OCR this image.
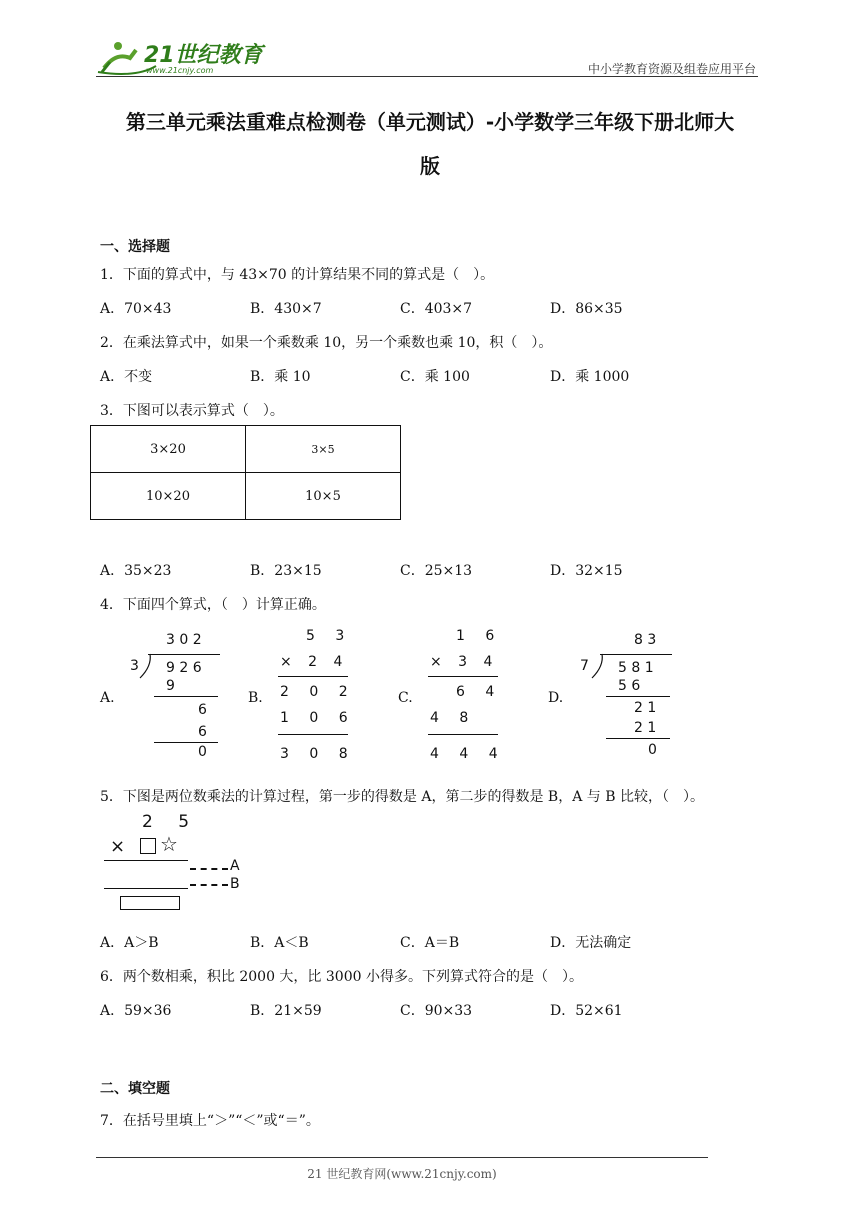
21世纪教育
www.21cnjy.com	中小学教育资源及组卷应用平台
第三单元乘法重难点检测卷（单元测试）-小学数学三年级下册北师大
版
一、选择题
1．下面的算式中，与 43×70 的计算结果不同的算式是（　）。
A．70×43	B．430×7	C．403×7	D．86×35
2．在乘法算式中，如果一个乘数乘 10，另一个乘数也乘 10，积（　）。
A．不变	B．乘 10	C．乘 100	D．乘 1000
3．下图可以表示算式（　）。
3×20	3×5
10×20	10×5
A．35×23	B．23×15	C．25×13	D．32×15
4．下面四个算式，（　）计算正确。
A.	B.	C.	D.
3 0 2
3 9 2 6
9
6
6
0
5 3
× 2 4
2 0 2
1 0 6
3 0 8
1 6
× 3 4
6 4
4 8
4 4 4
8 3
7 5 8 1
5 6
2 1
2 1
0
5．下图是两位数乘法的计算过程，第一步的得数是 A，第二步的得数是 B，A 与 B 比较，（　）。
2 5
× ☆
A
B
A．A＞B	B．A＜B	C．A＝B	D．无法确定
6．两个数相乘，积比 2000 大，比 3000 小得多。下列算式符合的是（　）。
A．59×36	B．21×59	C．90×33	D．52×61
二、填空题
7．在括号里填上“＞”“＜”或“＝”。
21 世纪教育网(www.21cnjy.com)
